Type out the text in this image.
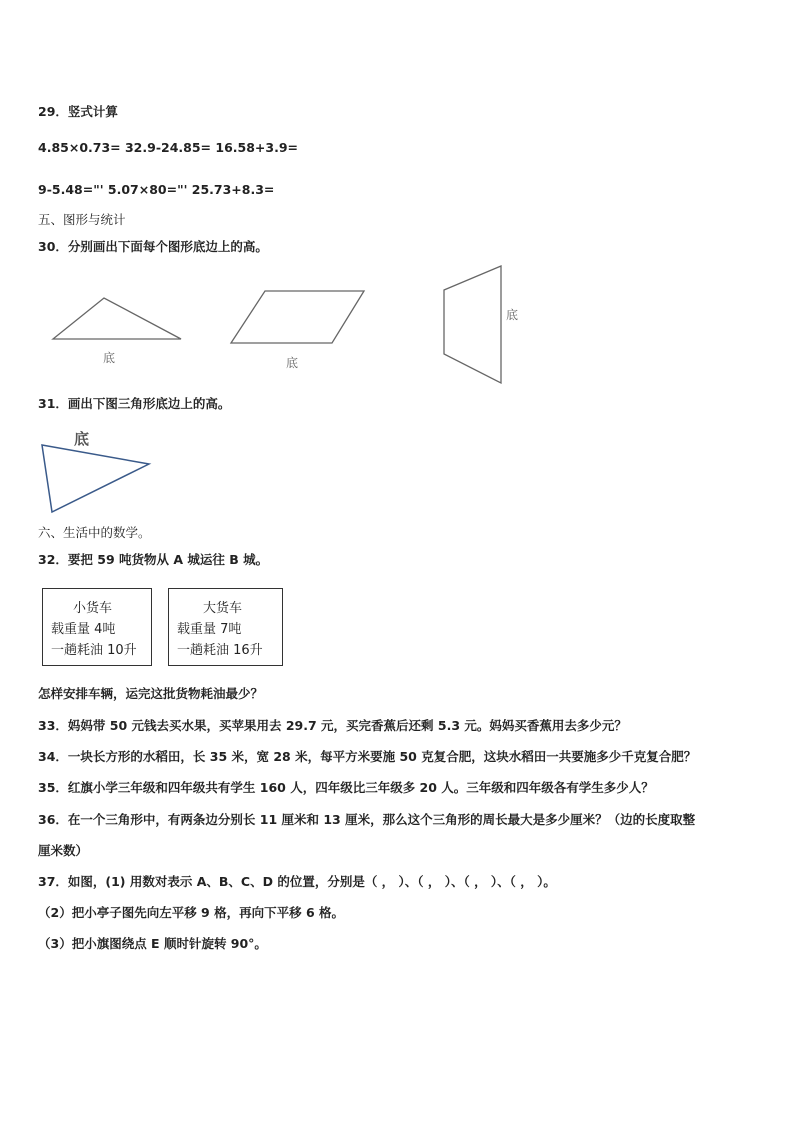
29．竖式计算
4.85×0.73= 32.9-24.85= 16.58+3.9=
9-5.48="' 5.07×80="' 25.73+8.3=
五、图形与统计
30．分别画出下面每个图形底边上的高。
底	底
底
31．画出下图三角形底边上的高。
底
六、生活中的数学。
32．要把 59 吨货物从 A 城运往 B 城。
小货车
载重量 4吨
一趟耗油 10升
大货车
载重量 7吨
一趟耗油 16升
怎样安排车辆，运完这批货物耗油最少？
33．妈妈带 50 元钱去买水果，买苹果用去 29.7 元，买完香蕉后还剩 5.3 元。妈妈买香蕉用去多少元？
34．一块长方形的水稻田，长 35 米，宽 28 米，每平方米要施 50 克复合肥，这块水稻田一共要施多少千克复合肥？
35．红旗小学三年级和四年级共有学生 160 人，四年级比三年级多 20 人。三年级和四年级各有学生多少人？
36．在一个三角形中，有两条边分别长 11 厘米和 13 厘米，那么这个三角形的周长最大是多少厘米？（边的长度取整
厘米数）
37．如图，(1) 用数对表示 A、B、C、D 的位置，分别是（ ， ）、（ ， ）、（ ， ）、（ ， ）。
（2）把小亭子图先向左平移 9 格，再向下平移 6 格。
（3）把小旗图绕点 E 顺时针旋转 90°。
